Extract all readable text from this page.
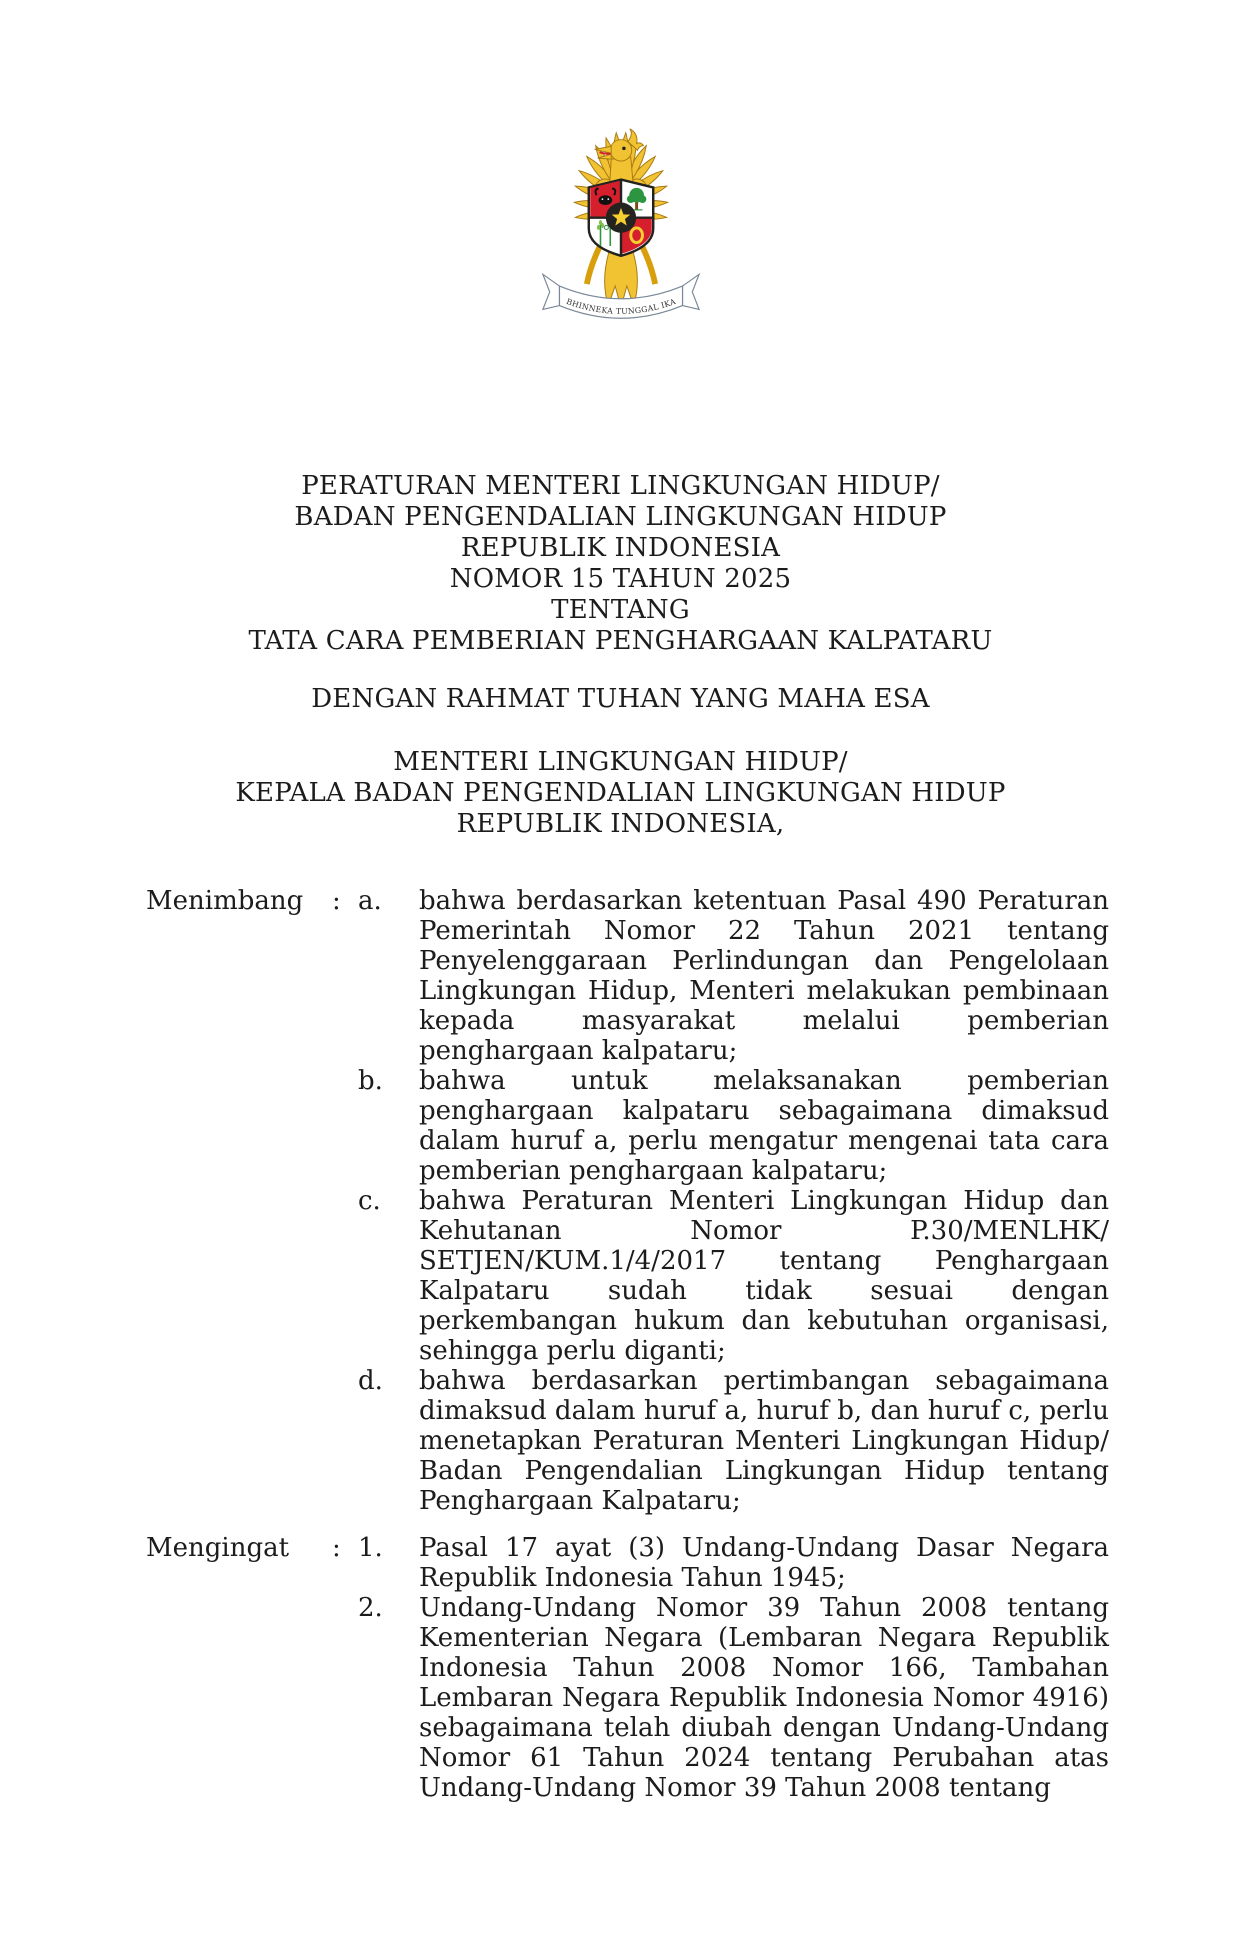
BHINNEKA TUNGGAL IKA
PERATURAN MENTERI LINGKUNGAN HIDUP/
BADAN PENGENDALIAN LINGKUNGAN HIDUP
REPUBLIK INDONESIA
NOMOR 15 TAHUN 2025
TENTANG
TATA CARA PEMBERIAN PENGHARGAAN KALPATARU
DENGAN RAHMAT TUHAN YANG MAHA ESA
MENTERI LINGKUNGAN HIDUP/
KEPALA BADAN PENGENDALIAN LINGKUNGAN HIDUP
REPUBLIK INDONESIA,
Menimbang	: a.	bahwa berdasarkan ketentuan Pasal 490 Peraturan Pemerintah Nomor 22 Tahun 2021 tentang Penyelenggaraan Perlindungan dan Pengelolaan Lingkungan Hidup, Menteri melakukan pembinaan kepada masyarakat melalui pemberian penghargaan kalpataru;
b.	bahwa untuk melaksanakan pemberian penghargaan kalpataru sebagaimana dimaksud dalam huruf a, perlu mengatur mengenai tata cara pemberian penghargaan kalpataru;
c.	bahwa Peraturan Menteri Lingkungan Hidup dan Kehutanan Nomor P.30/MENLHK/ SETJEN/KUM.1/4/2017 tentang Penghargaan Kalpataru sudah tidak sesuai dengan perkembangan hukum dan kebutuhan organisasi, sehingga perlu diganti;
d.	bahwa berdasarkan pertimbangan sebagaimana dimaksud dalam huruf a, huruf b, dan huruf c, perlu menetapkan Peraturan Menteri Lingkungan Hidup/ Badan Pengendalian Lingkungan Hidup tentang Penghargaan Kalpataru;
Mengingat	: 1.	Pasal 17 ayat (3) Undang-Undang Dasar Negara Republik Indonesia Tahun 1945;
2.	Undang-Undang Nomor 39 Tahun 2008 tentang Kementerian Negara (Lembaran Negara Republik Indonesia Tahun 2008 Nomor 166, Tambahan Lembaran Negara Republik Indonesia Nomor 4916) sebagaimana telah diubah dengan Undang-Undang Nomor 61 Tahun 2024 tentang Perubahan atas Undang-Undang Nomor 39 Tahun 2008 tentang
